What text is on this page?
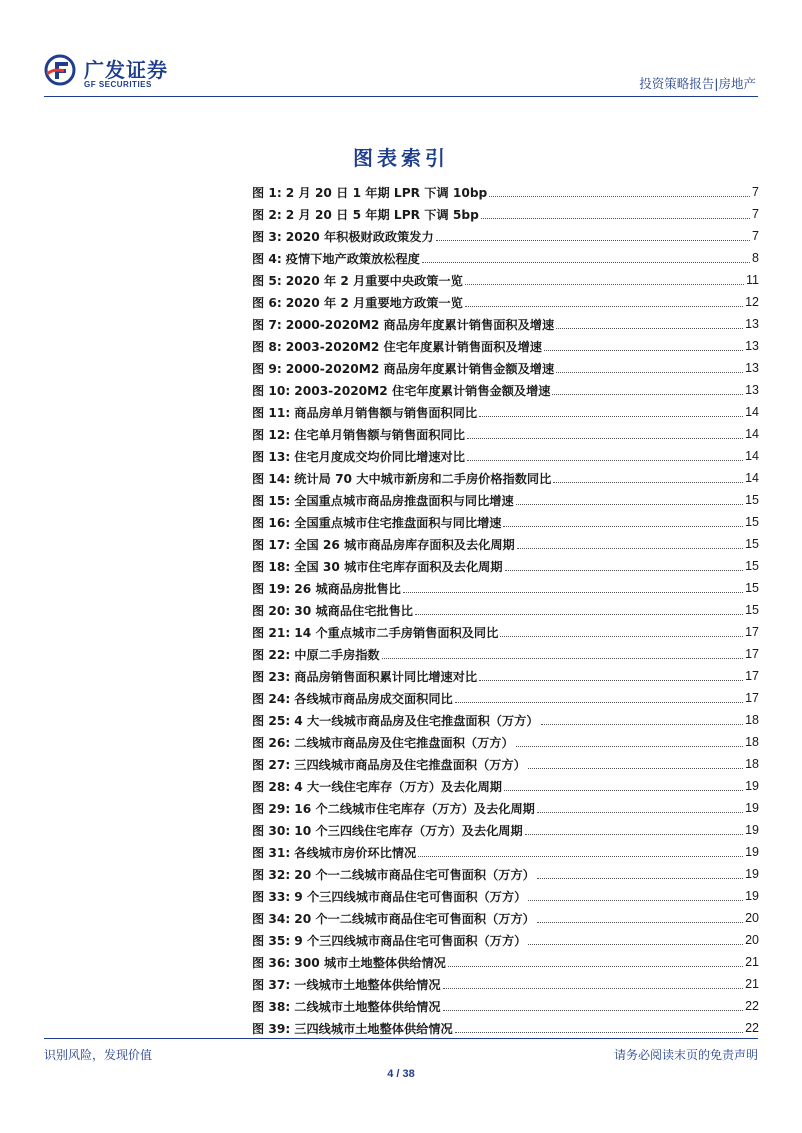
广发证券
GF SECURITIES	投资策略报告|房地产
图表索引
图 1: 2 月 20 日 1 年期 LPR 下调 10bp	7
图 2: 2 月 20 日 5 年期 LPR 下调 5bp	7
图 3: 2020 年积极财政政策发力	7
图 4: 疫情下地产政策放松程度	8
图 5: 2020 年 2 月重要中央政策一览	11
图 6: 2020 年 2 月重要地方政策一览	12
图 7: 2000-2020M2 商品房年度累计销售面积及增速	13
图 8: 2003-2020M2 住宅年度累计销售面积及增速	13
图 9: 2000-2020M2 商品房年度累计销售金额及增速	13
图 10: 2003-2020M2 住宅年度累计销售金额及增速	13
图 11: 商品房单月销售额与销售面积同比	14
图 12: 住宅单月销售额与销售面积同比	14
图 13: 住宅月度成交均价同比增速对比	14
图 14: 统计局 70 大中城市新房和二手房价格指数同比	14
图 15: 全国重点城市商品房推盘面积与同比增速	15
图 16: 全国重点城市住宅推盘面积与同比增速	15
图 17: 全国 26 城市商品房库存面积及去化周期	15
图 18: 全国 30 城市住宅库存面积及去化周期	15
图 19: 26 城商品房批售比	15
图 20: 30 城商品住宅批售比	15
图 21: 14 个重点城市二手房销售面积及同比	17
图 22: 中原二手房指数	17
图 23: 商品房销售面积累计同比增速对比	17
图 24: 各线城市商品房成交面积同比	17
图 25: 4 大一线城市商品房及住宅推盘面积（万方）	18
图 26: 二线城市商品房及住宅推盘面积（万方）	18
图 27: 三四线城市商品房及住宅推盘面积（万方）	18
图 28: 4 大一线住宅库存（万方）及去化周期	19
图 29: 16 个二线城市住宅库存（万方）及去化周期	19
图 30: 10 个三四线住宅库存（万方）及去化周期	19
图 31: 各线城市房价环比情况	19
图 32: 20 个一二线城市商品住宅可售面积（万方）	19
图 33: 9 个三四线城市商品住宅可售面积（万方）	19
图 34: 20 个一二线城市商品住宅可售面积（万方）	20
图 35: 9 个三四线城市商品住宅可售面积（万方）	20
图 36: 300 城市土地整体供给情况	21
图 37: 一线城市土地整体供给情况	21
图 38: 二线城市土地整体供给情况	22
图 39: 三四线城市土地整体供给情况	22
识别风险，发现价值	请务必阅读末页的免责声明
4 / 38
